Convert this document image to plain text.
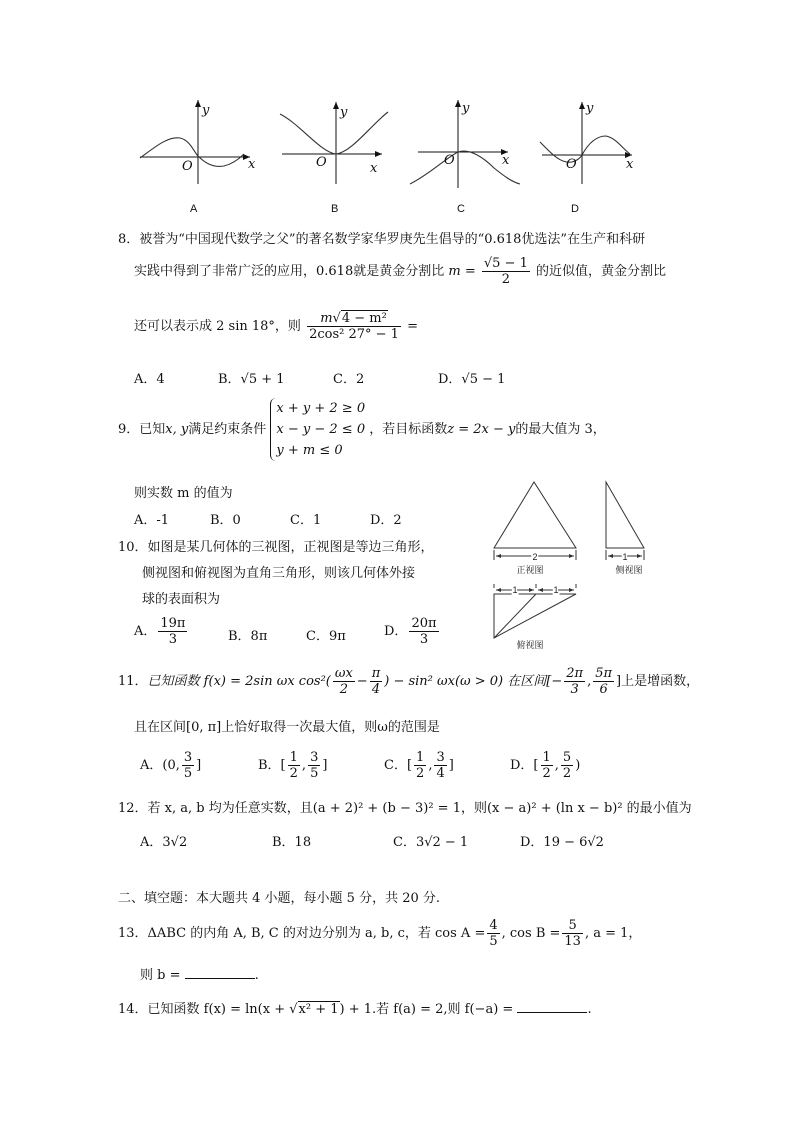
y
x
O
y
x
O
y
x
O
y
x
O
A	B	C	D
8．被誉为“中国现代数学之父”的著名数学家华罗庚先生倡导的“0.618优选法”在生产和科研
实践中得到了非常广泛的应用，0.618就是黄金分割比 $m = \frac{√5 - 1}{2}$ 的近似值，黄金分割比
还可以表示成 2 sin 18°，则 $\frac{\text{m√4 − m²}}{\text{2cos² 27° − 1}}$ =
A．4	B．√5 + 1	C．2	D．√5 − 1
9．已知x, y满足约束条件
x + y + 2 ≥ 0
x − y − 2 ≤ 0
y + m ≤ 0
，若目标函数z = 2x − y的最大值为 3，
则实数 m 的值为
A．-1	B．0	C．1	D．2
10．如图是某几何体的三视图，正视图是等边三角形，
侧视图和俯视图为直角三角形，则该几何体外接
球的表面积为
A． $\frac{19\pi}{3}$	B．8π	C．9π	D． $\frac{20\pi}{3}$
2	1
1	1
正视图	侧视图
俯视图
11．已知函数 f(x) = 2sin ωx $\cos^2( \frac{\omega x}{2} - \frac{\pi}{4}$ ) − sin² ωx(ω > 0) 在区间[− $\frac{2\pi}{3}$ , $\frac{5\pi}{6}$ ]上是增函数，
且在区间[0, π]上恰好取得一次最大值，则ω的范围是
A．(0, $\frac{3}{5}$ ]	B．[ $\frac{1}{2}$ , $\frac{3}{5}$ ]	C．[ $\frac{1}{2}$ , $\frac{3}{4}$ ]	D．[ $\frac{1}{2}$ , $\frac{5}{2}$ )
12．若 x, a, b 均为任意实数，且(a + 2)² + (b − 3)² = 1，则(x − a)² + (ln x − b)² 的最小值为
A．3√2	B．18	C．3√2 − 1	D．19 − 6√2
二、填空题：本大题共 4 小题，每小题 5 分，共 20 分.
13．ΔABC 的内角 A, B, C 的对边分别为 a, b, c，若 $\cos A = \frac{4}{5}$ , $\cos B = \frac{5}{13}$ , a = 1，
则 b =	.
14．已知函数 f(x) = ln(x + √x² + 1) + 1.若 f(a) = 2,则 f(−a) =	.
